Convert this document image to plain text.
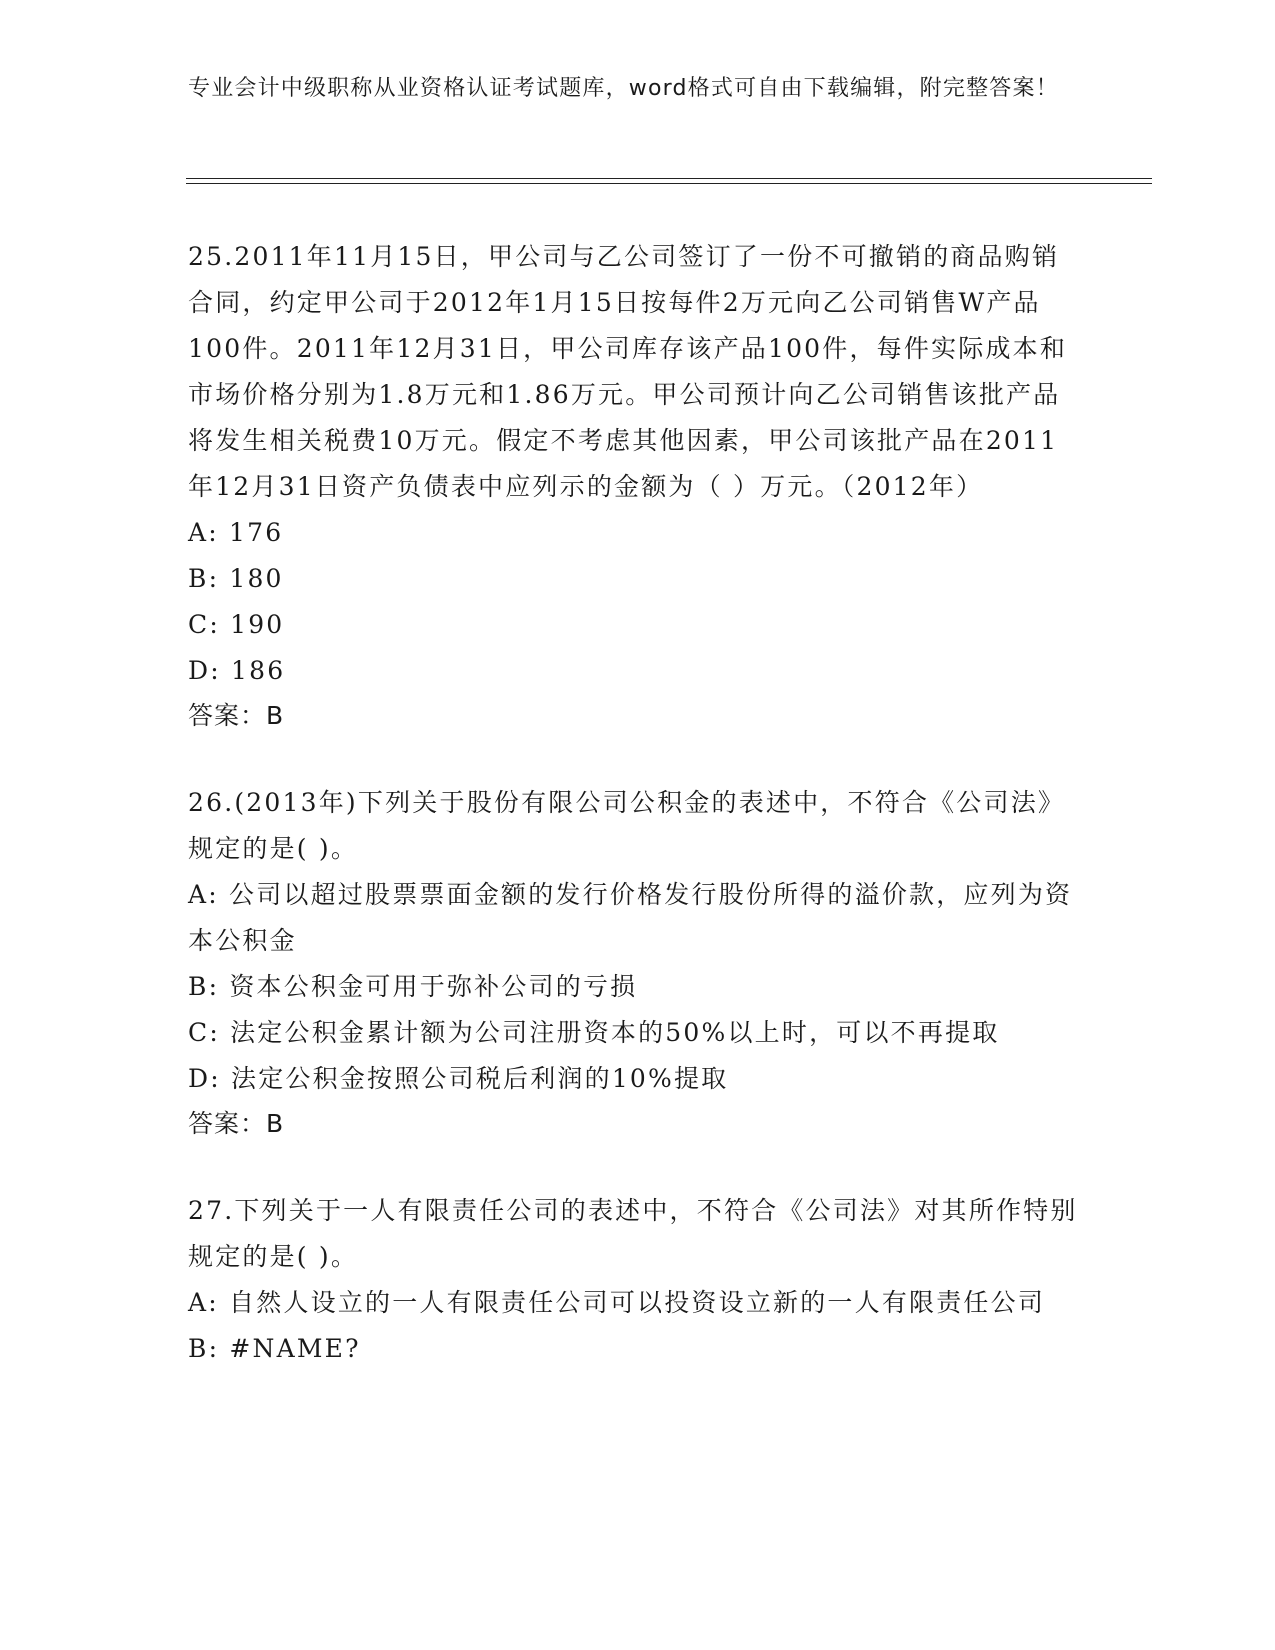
专业会计中级职称从业资格认证考试题库，word格式可自由下载编辑，附完整答案！

25.2011年11月15日，甲公司与乙公司签订了一份不可撤销的商品购销合同，约定甲公司于2012年1月15日按每件2万元向乙公司销售W产品100件。2011年12月31日，甲公司库存该产品100件，每件实际成本和市场价格分别为1.8万元和1.86万元。甲公司预计向乙公司销售该批产品将发生相关税费10万元。假定不考虑其他因素，甲公司该批产品在2011年12月31日资产负债表中应列示的金额为（ ）万元。（2012年）

A: 176

B: 180

C: 190

D: 186

答案：B

26.(2013年)下列关于股份有限公司公积金的表述中，不符合《公司法》规定的是( )。

A: 公司以超过股票票面金额的发行价格发行股份所得的溢价款，应列为资本公积金

B: 资本公积金可用于弥补公司的亏损

C: 法定公积金累计额为公司注册资本的50%以上时，可以不再提取

D: 法定公积金按照公司税后利润的10%提取

答案：B

27.下列关于一人有限责任公司的表述中，不符合《公司法》对其所作特别规定的是( )。

A: 自然人设立的一人有限责任公司可以投资设立新的一人有限责任公司

B: #NAME?
